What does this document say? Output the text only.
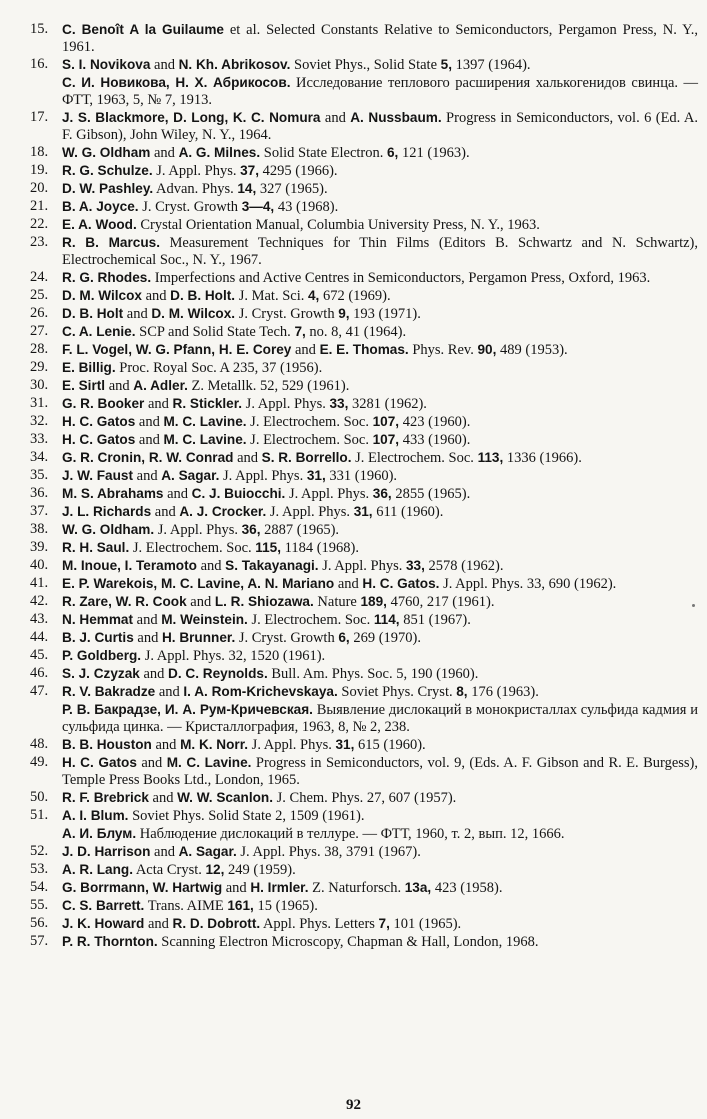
15.	C. Benoît A la Guilaume et al. Selected Constants Relative to Semiconductors, Pergamon Press, N. Y., 1961.
16.	S. I. Novikova and N. Kh. Abrikosov. Soviet Phys., Solid State 5, 1397 (1964).
С. И. Новикова, Н. Х. Абрикосов. Исследование теплового расширения халькогенидов свинца. — ФТТ, 1963, 5, № 7, 1913.
17.	J. S. Blackmore, D. Long, K. C. Nomura and A. Nussbaum. Progress in Semiconductors, vol. 6 (Ed. A. F. Gibson), John Wiley, N. Y., 1964.
18.	W. G. Oldham and A. G. Milnes. Solid State Electron. 6, 121 (1963).
19.	R. G. Schulze. J. Appl. Phys. 37, 4295 (1966).
20.	D. W. Pashley. Advan. Phys. 14, 327 (1965).
21.	B. A. Joyce. J. Cryst. Growth 3—4, 43 (1968).
22.	E. A. Wood. Crystal Orientation Manual, Columbia University Press, N. Y., 1963.
23.	R. B. Marcus. Measurement Techniques for Thin Films (Editors B. Schwartz and N. Schwartz), Electrochemical Soc., N. Y., 1967.
24.	R. G. Rhodes. Imperfections and Active Centres in Semiconductors, Pergamon Press, Oxford, 1963.
25.	D. M. Wilcox and D. B. Holt. J. Mat. Sci. 4, 672 (1969).
26.	D. B. Holt and D. M. Wilcox. J. Cryst. Growth 9, 193 (1971).
27.	C. A. Lenie. SCP and Solid State Tech. 7, no. 8, 41 (1964).
28.	F. L. Vogel, W. G. Pfann, H. E. Corey and E. E. Thomas. Phys. Rev. 90, 489 (1953).
29.	E. Billig. Proc. Royal Soc. A 235, 37 (1956).
30.	E. Sirtl and A. Adler. Z. Metallk. 52, 529 (1961).
31.	G. R. Booker and R. Stickler. J. Appl. Phys. 33, 3281 (1962).
32.	H. C. Gatos and M. C. Lavine. J. Electrochem. Soc. 107, 423 (1960).
33.	H. C. Gatos and M. C. Lavine. J. Electrochem. Soc. 107, 433 (1960).
34.	G. R. Cronin, R. W. Conrad and S. R. Borrello. J. Electrochem. Soc. 113, 1336 (1966).
35.	J. W. Faust and A. Sagar. J. Appl. Phys. 31, 331 (1960).
36.	M. S. Abrahams and C. J. Buiocchi. J. Appl. Phys. 36, 2855 (1965).
37.	J. L. Richards and A. J. Crocker. J. Appl. Phys. 31, 611 (1960).
38.	W. G. Oldham. J. Appl. Phys. 36, 2887 (1965).
39.	R. H. Saul. J. Electrochem. Soc. 115, 1184 (1968).
40.	M. Inoue, I. Teramoto and S. Takayanagi. J. Appl. Phys. 33, 2578 (1962).
41.	E. P. Warekois, M. C. Lavine, A. N. Mariano and H. C. Gatos. J. Appl. Phys. 33, 690 (1962).
42.	R. Zare, W. R. Cook and L. R. Shiozawa. Nature 189, 4760, 217 (1961).
43.	N. Hemmat and M. Weinstein. J. Electrochem. Soc. 114, 851 (1967).
44.	B. J. Curtis and H. Brunner. J. Cryst. Growth 6, 269 (1970).
45.	P. Goldberg. J. Appl. Phys. 32, 1520 (1961).
46.	S. J. Czyzak and D. C. Reynolds. Bull. Am. Phys. Soc. 5, 190 (1960).
47.	R. V. Bakradze and I. A. Rom-Krichevskaya. Soviet Phys. Cryst. 8, 176 (1963).
Р. В. Бакрадзе, И. А. Рум-Кричевская. Выявление дислокаций в монокристаллах сульфида кадмия и сульфида цинка. — Кристаллография, 1963, 8, № 2, 238.
48.	B. B. Houston and M. K. Norr. J. Appl. Phys. 31, 615 (1960).
49.	H. C. Gatos and M. C. Lavine. Progress in Semiconductors, vol. 9, (Eds. A. F. Gibson and R. E. Burgess), Temple Press Books Ltd., London, 1965.
50.	R. F. Brebrick and W. W. Scanlon. J. Chem. Phys. 27, 607 (1957).
51.	A. I. Blum. Soviet Phys. Solid State 2, 1509 (1961).
А. И. Блум. Наблюдение дислокаций в теллуре. — ФТТ, 1960, т. 2, вып. 12, 1666.
52.	J. D. Harrison and A. Sagar. J. Appl. Phys. 38, 3791 (1967).
53.	A. R. Lang. Acta Cryst. 12, 249 (1959).
54.	G. Borrmann, W. Hartwig and H. Irmler. Z. Naturforsch. 13a, 423 (1958).
55.	C. S. Barrett. Trans. AIME 161, 15 (1965).
56.	J. K. Howard and R. D. Dobrott. Appl. Phys. Letters 7, 101 (1965).
57.	P. R. Thornton. Scanning Electron Microscopy, Chapman & Hall, London, 1968.
92
